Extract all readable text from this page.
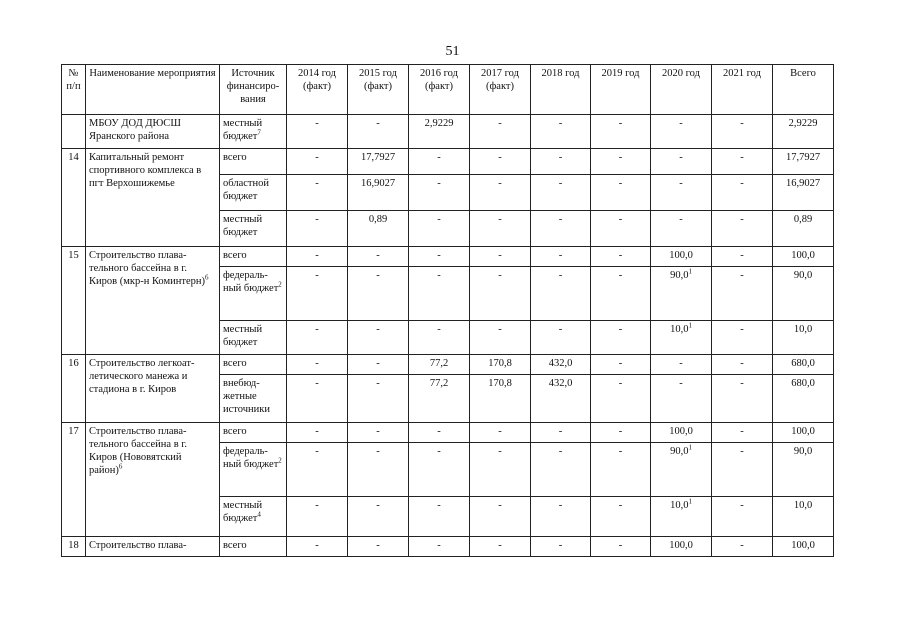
51
№ п/п	Наименование мероприятия	Источник финансиро-вания	2014 год (факт)	2015 год (факт)	2016 год (факт)	2017 год (факт)	2018 год	2019 год	2020 год	2021 год	Всего
	МБОУ ДОД ДЮСШ Яранского района	местный бюджет$^7$	-	-	2,9229	-	-	-	-	-	2,9229
14	Капитальный ремонт спортивного комплекса в пгт Верхошижемье	всего	-	17,7927	-	-	-	-	-	-	17,7927
		областной бюджет	-	16,9027	-	-	-	-	-	-	16,9027
		местный бюджет	-	0,89	-	-	-	-	-	-	0,89
15	Строительство плава-тельного бассейна в г. Киров (мкр-н Коминтерн)$^6$	всего	-	-	-	-	-	-	100,0	-	100,0
		федераль-ный бюджет$^2$	-	-	-	-	-	-	90,0$^1$	-	90,0
		местный бюджет	-	-	-	-	-	-	10,0$^1$	-	10,0
16	Строительство легкоат-летического манежа и стадиона в г. Киров	всего	-	-	77,2	170,8	432,0	-	-	-	680,0
		внебюд-жетные источники	-	-	77,2	170,8	432,0	-	-	-	680,0
17	Строительство плава-тельного бассейна в г. Киров (Нововятский район)$^6$	всего	-	-	-	-	-	-	100,0	-	100,0
		федераль-ный бюджет$^2$	-	-	-	-	-	-	90,0$^1$	-	90,0
		местный бюджет$^4$	-	-	-	-	-	-	10,0$^1$	-	10,0
18	Строительство плава-	всего	-	-	-	-	-	-	100,0	-	100,0
